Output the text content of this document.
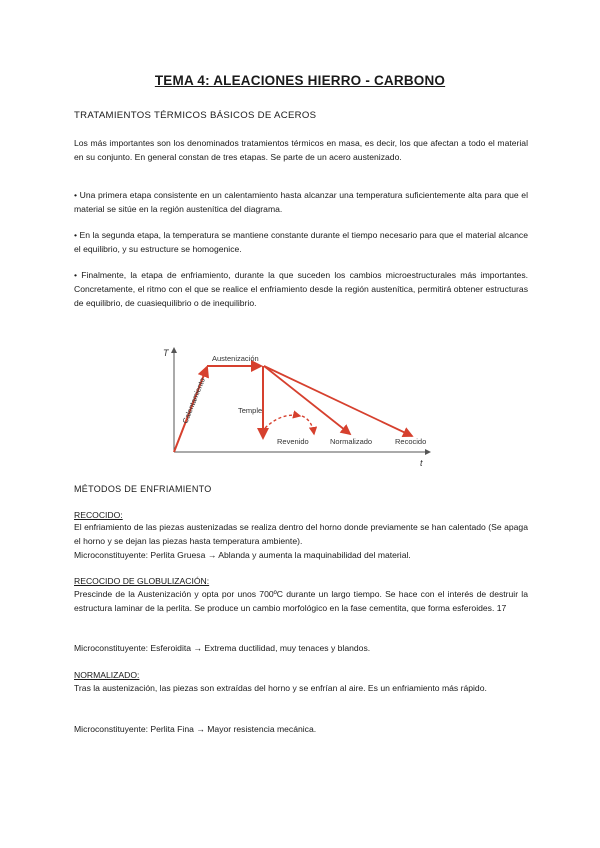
TEMA 4: ALEACIONES HIERRO - CARBONO
TRATAMIENTOS TÉRMICOS BÁSICOS DE ACEROS
Los más importantes son los denominados tratamientos térmicos en masa, es decir, los que afectan a todo el material en su conjunto. En general constan de tres etapas. Se parte de un acero austenizado.
• Una primera etapa consistente en un calentamiento hasta alcanzar una temperatura suficientemente alta para que el material se sitúe en la región austenítica del diagrama.
• En la segunda etapa, la temperatura se mantiene constante durante el tiempo necesario para que el material alcance el equilibrio, y su estructure se homogenice.
• Finalmente, la etapa de enfriamiento, durante la que suceden los cambios microestructurales más importantes. Concretamente, el ritmo con el que se realice el enfriamiento desde la región austenítica, permitirá obtener estructuras de equilibrio, de cuasiequilibrio o de inequilibrio.
T
t
Calentamiento
Austenización
Temple
Revenido	Normalizado	Recocido
MÉTODOS DE ENFRIAMIENTO
RECOCIDO:
El enfriamiento de las piezas austenizadas se realiza dentro del horno donde previamente se han calentado (Se apaga el horno y se dejan las piezas hasta temperatura ambiente).
Microconstituyente: Perlita Gruesa → Ablanda y aumenta la maquinabilidad del material.
RECOCIDO DE GLOBULIZACIÓN:
Prescinde de la Austenización y opta por unos 700ºC durante un largo tiempo. Se hace con el interés de destruir la estructura laminar de la perlita. Se produce un cambio morfológico en la fase cementita, que forma esferoides. 17
Microconstituyente: Esferoidita → Extrema ductilidad, muy tenaces y blandos.
NORMALIZADO:
Tras la austenización, las piezas son extraídas del horno y se enfrían al aire. Es un enfriamiento más rápido.
Microconstituyente: Perlita Fina → Mayor resistencia mecánica.
